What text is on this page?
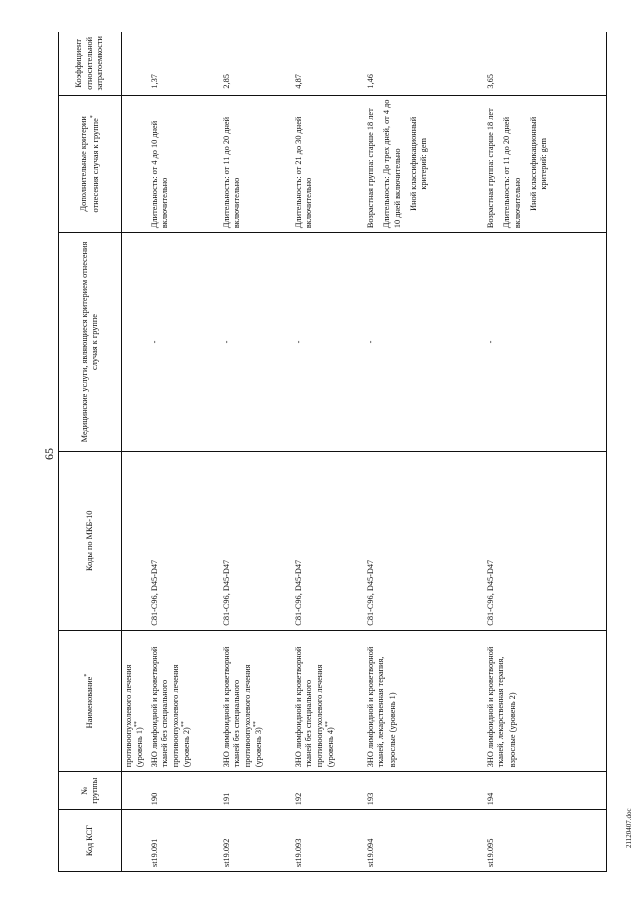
65
Код КСГ	№ группы	Наименование*	Коды по МКБ-10	Медицинские услуги, являющиеся критерием отнесения случая к группе	Дополнительные критерии отнесения случая к группе*	Коэффициент относительной затратоемкости
		противоопухолевого лечения (уровень 1)**				
st19.091	190	ЗНО лимфоидной и кроветворной тканей без специального противоопухолевого лечения (уровень 2)**	C81-C96, D45-D47	-	Длительность: от 4 до 10 дней включительно	1,37
st19.092	191	ЗНО лимфоидной и кроветворной тканей без специального противоопухолевого лечения (уровень 3)**	C81-C96, D45-D47	-	Длительность: от 11 до 20 дней включительно	2,85
st19.093	192	ЗНО лимфоидной и кроветворной тканей без специального противоопухолевого лечения (уровень 4)**	C81-C96, D45-D47	-	Длительность: от 21 до 30 дней включительно	4,87
st19.094	193	ЗНО лимфоидной и кроветворной тканей, лекарственная терапия, взрослые (уровень 1)	C81-C96, D45-D47	-	Возрастная группа: старше 18 лет Длительность: До трех дней, от 4 до 10 дней включительно Иной классификационный критерий: gem	1,46
st19.095	194	ЗНО лимфоидной и кроветворной тканей, лекарственная терапия, взрослые (уровень 2)	C81-C96, D45-D47	-	Возрастная группа: старше 18 лет Длительность: от 11 до 20 дней включительно Иной классификационный критерий: gem	3,65
21120407.doc
